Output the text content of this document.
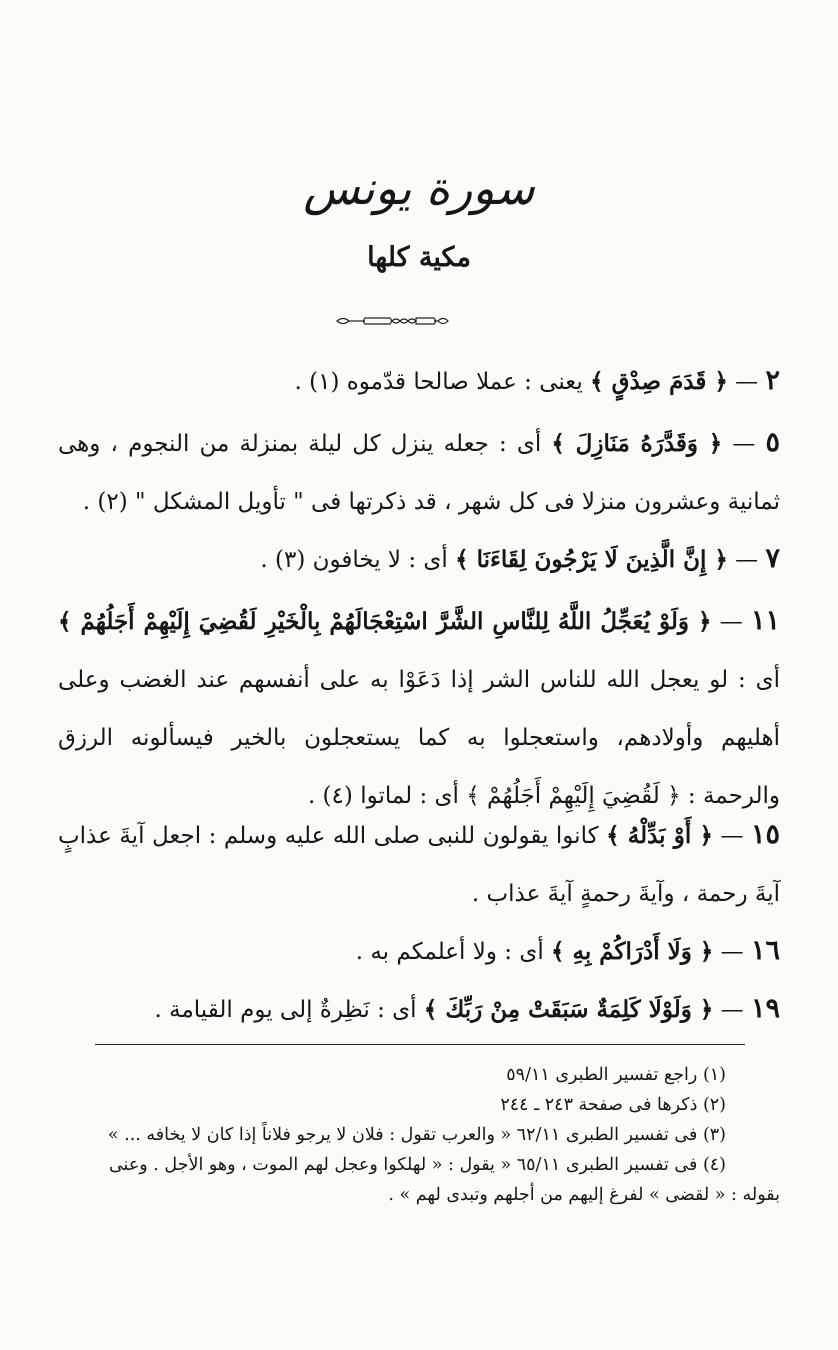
سورة يونس
مكية كلها
٢ — ﴿ قَدَمَ صِدْقٍ ﴾ يعنى : عملا صالحا قدّموه (١) .
٥ — ﴿ وَقَدَّرَهُ مَنَازِلَ ﴾ أى : جعله ينزل كل ليلة بمنزلة من النجوم ، وهى ثمانية وعشرون منزلا فى كل شهر ، قد ذكرتها فى " تأويل المشكل " (٢) .
٧ — ﴿ إِنَّ الَّذِينَ لَا يَرْجُونَ لِقَاءَنَا ﴾ أى : لا يخافون (٣) .
١١ — ﴿ وَلَوْ يُعَجِّلُ اللَّهُ لِلنَّاسِ الشَّرَّ اسْتِعْجَالَهُمْ بِالْخَيْرِ لَقُضِيَ إِلَيْهِمْ أَجَلُهُمْ ﴾ أى : لو يعجل الله للناس الشر إذا دَعَوْا به على أنفسهم عند الغضب وعلى أهليهم وأولادهم، واستعجلوا به كما يستعجلون بالخير فيسألونه الرزق والرحمة : ﴿ لَقُضِيَ إِلَيْهِمْ أَجَلُهُمْ ﴾ أى : لماتوا (٤) .
١٥ — ﴿ أَوْ بَدِّلْهُ ﴾ كانوا يقولون للنبى صلى الله عليه وسلم : اجعل آيةَ عذابٍ آيةَ رحمة ، وآيةَ رحمةٍ آيةَ عذاب .
١٦ — ﴿ وَلَا أَدْرَاكُمْ بِهِ ﴾ أى : ولا أعلمكم به .
١٩ — ﴿ وَلَوْلَا كَلِمَةٌ سَبَقَتْ مِنْ رَبِّكَ ﴾ أى : نَظِرةٌ إلى يوم القيامة .

(١) راجع تفسير الطبرى ٥٩/١١

(٢) ذكرها فى صفحة ٢٤٣ ـ ٢٤٤

(٣) فى تفسير الطبرى ٦٢/١١ « والعرب تقول : فلان لا يرجو فلاناً إذا كان لا يخافه ... »

(٤) فى تفسير الطبرى ٦٥/١١ « يقول : « لهلكوا وعجل لهم الموت ، وهو الأجل . وعنى

بقوله : « لقضى » لفرغ إليهم من أجلهم وتبدى لهم » .
